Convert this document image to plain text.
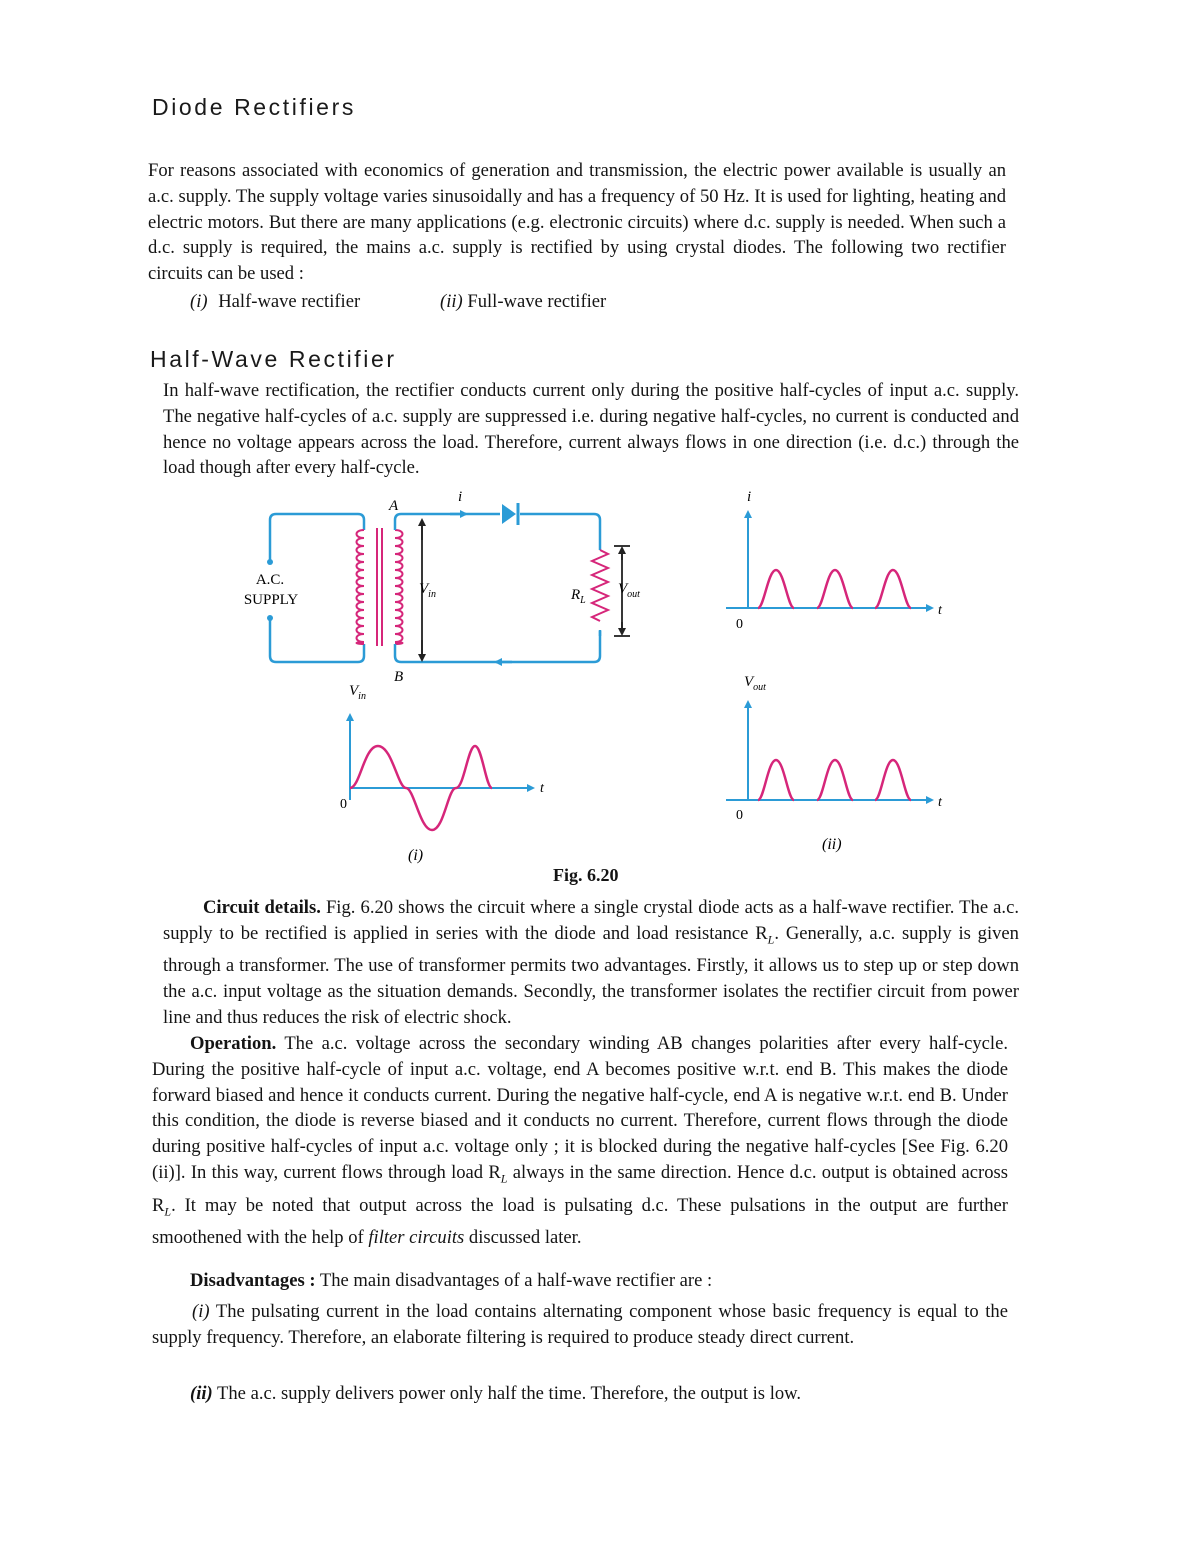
Diode Rectifiers

For reasons associated with economics of generation and transmission, the electric power available is usually an a.c. supply. The supply voltage varies sinusoidally and has a frequency of 50 Hz. It is used for lighting, heating and electric motors. But there are many applications (e.g. electronic circuits) where d.c. supply is needed. When such a d.c. supply is required, the mains a.c. supply is rectified by using crystal diodes. The following two rectifier circuits can be used :

(i) Half-wave rectifier	(ii) Full-wave rectifier
Half-Wave Rectifier

In half-wave rectification, the rectifier conducts current only during the positive half-cycles of input a.c. supply. The negative half-cycles of a.c. supply are suppressed i.e. during negative half-cycles, no current is conducted and hence no voltage appears across the load. Therefore, current always flows in one direction (i.e. d.c.) through the load though after every half-cycle.

A.C.
SUPPLY
A
B
i
$V_{in}$	$R_L$
$V_{out}$
$V_{in}$
t
0
i
t
0
$V_{out}$
t
0
(i)
(ii)
Fig. 6.20

Circuit details. Fig. 6.20 shows the circuit where a single crystal diode acts as a half-wave rectifier. The a.c. supply to be rectified is applied in series with the diode and load resistance $R_L$. Generally, a.c. supply is given through a transformer. The use of transformer permits two advantages. Firstly, it allows us to step up or step down the a.c. input voltage as the situation demands. Secondly, the transformer isolates the rectifier circuit from power line and thus reduces the risk of electric shock.

Operation. The a.c. voltage across the secondary winding AB changes polarities after every half-cycle. During the positive half-cycle of input a.c. voltage, end A becomes positive w.r.t. end B. This makes the diode forward biased and hence it conducts current. During the negative half-cycle, end A is negative w.r.t. end B. Under this condition, the diode is reverse biased and it conducts no current. Therefore, current flows through the diode during positive half-cycles of input a.c. voltage only ; it is blocked during the negative half-cycles [See Fig. 6.20 (ii)]. In this way, current flows through load $R_L$ always in the same direction. Hence d.c. output is obtained across $R_L$. It may be noted that output across the load is pulsating d.c. These pulsations in the output are further smoothened with the help of filter circuits discussed later.

Disadvantages : The main disadvantages of a half-wave rectifier are :

(i) The pulsating current in the load contains alternating component whose basic frequency is equal to the supply frequency. Therefore, an elaborate filtering is required to produce steady direct current.

(ii) The a.c. supply delivers power only half the time. Therefore, the output is low.
